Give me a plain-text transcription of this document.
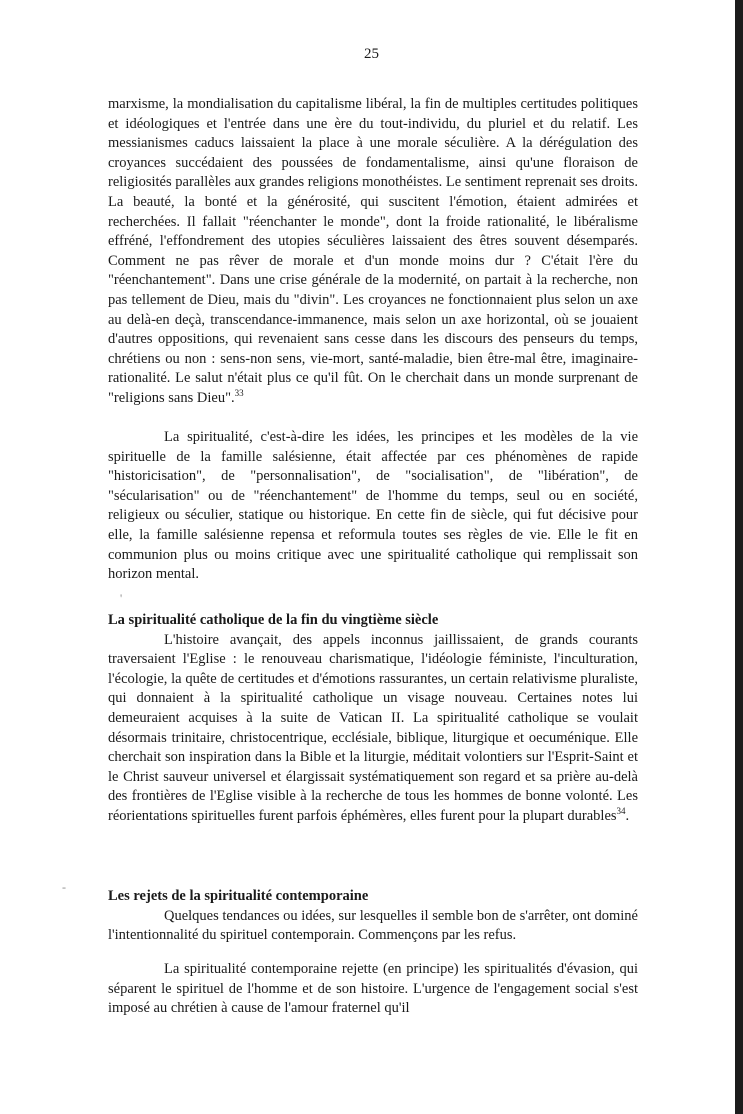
25

marxisme, la mondialisation du capitalisme libéral, la fin de multiples certitudes politiques et idéologiques et l'entrée dans une ère du tout-individu, du pluriel et du relatif. Les messianismes caducs laissaient la place à une morale séculière. A la dérégulation des croyances succédaient des poussées de fondamentalisme, ainsi qu'une floraison de religiosités parallèles aux grandes religions monothéistes. Le sentiment reprenait ses droits. La beauté, la bonté et la générosité, qui suscitent l'émotion, étaient admirées et recherchées. Il fallait "réenchanter le monde", dont la froide rationalité, le libéralisme effréné, l'effondrement des utopies séculières laissaient des êtres souvent désemparés. Comment ne pas rêver de morale et d'un monde moins dur ? C'était l'ère du "réenchantement". Dans une crise générale de la modernité, on partait à la recherche, non pas tellement de Dieu, mais du "divin". Les croyances ne fonctionnaient plus selon un axe au delà-en deçà, transcendance-immanence, mais selon un axe horizontal, où se jouaient d'autres oppositions, qui revenaient sans cesse dans les discours des penseurs du temps, chrétiens ou non : sens-non sens, vie-mort, santé-maladie, bien être-mal être, imaginaire-rationalité. Le salut n'était plus ce qu'il fût. On le cherchait dans un monde surprenant de "religions sans Dieu".$^{33}$

La spiritualité, c'est-à-dire les idées, les principes et les modèles de la vie spirituelle de la famille salésienne, était affectée par ces phénomènes de rapide "historicisation", de "personnalisation", de "socialisation", de "libération", de "sécularisation" ou de "réenchantement" de l'homme du temps, seul ou en société, religieux ou séculier, statique ou historique. En cette fin de siècle, qui fut décisive pour elle, la famille salésienne repensa et reformula toutes ses règles de vie. Elle le fit en communion plus ou moins critique avec une spiritualité catholique qui remplissait son horizon mental.

'

La spiritualité catholique de la fin du vingtième siècle

L'histoire avançait, des appels inconnus jaillissaient, de grands courants traversaient l'Eglise : le renouveau charismatique, l'idéologie féministe, l'inculturation, l'écologie, la quête de certitudes et d'émotions rassurantes, un certain relativisme pluraliste, qui donnaient à la spiritualité catholique un visage nouveau. Certaines notes lui demeuraient acquises à la suite de Vatican II. La spiritualité catholique se voulait désormais trinitaire, christocentrique, ecclésiale, biblique, liturgique et oecuménique. Elle cherchait son inspiration dans la Bible et la liturgie, méditait volontiers sur l'Esprit-Saint et le Christ sauveur universel et élargissait systématiquement son regard et sa prière au-delà des frontières de l'Eglise visible à la recherche de tous les hommes de bonne volonté. Les réorientations spirituelles furent parfois éphémères, elles furent pour la plupart durables$^{34}$.

-

Les rejets de la spiritualité contemporaine

Quelques tendances ou idées, sur lesquelles il semble bon de s'arrêter, ont dominé l'intentionnalité du spirituel contemporain. Commençons par les refus.

La spiritualité contemporaine rejette (en principe) les spiritualités d'évasion, qui séparent le spirituel de l'homme et de son histoire. L'urgence de l'engagement social s'est imposé au chrétien à cause de l'amour fraternel qu'il
